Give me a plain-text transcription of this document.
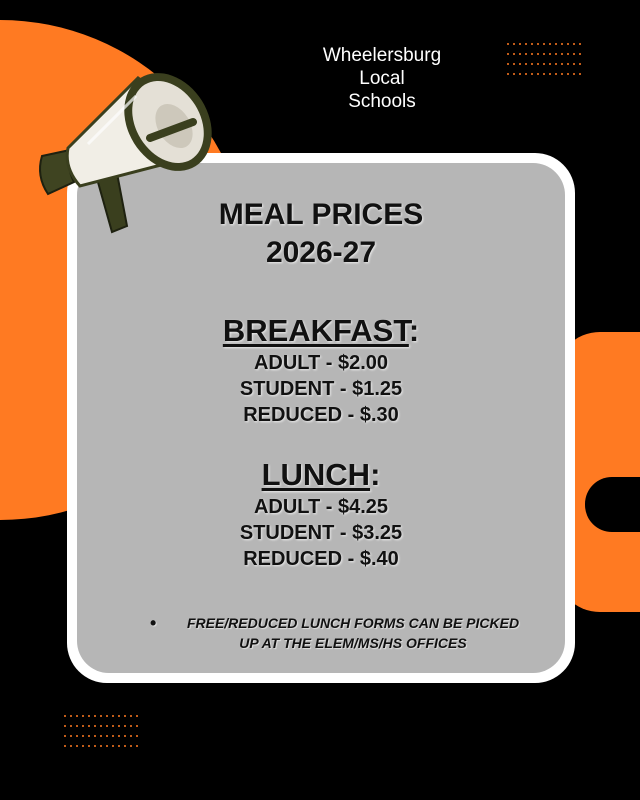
Wheelersburg
Local
Schools
MEAL PRICES
2026-27
BREAKFAST:
ADULT - $2.00
STUDENT - $1.25
REDUCED - $.30
LUNCH:
ADULT - $4.25
STUDENT - $3.25
REDUCED - $.40
•	FREE/REDUCED LUNCH FORMS CAN BE PICKED UP AT THE ELEM/MS/HS OFFICES
